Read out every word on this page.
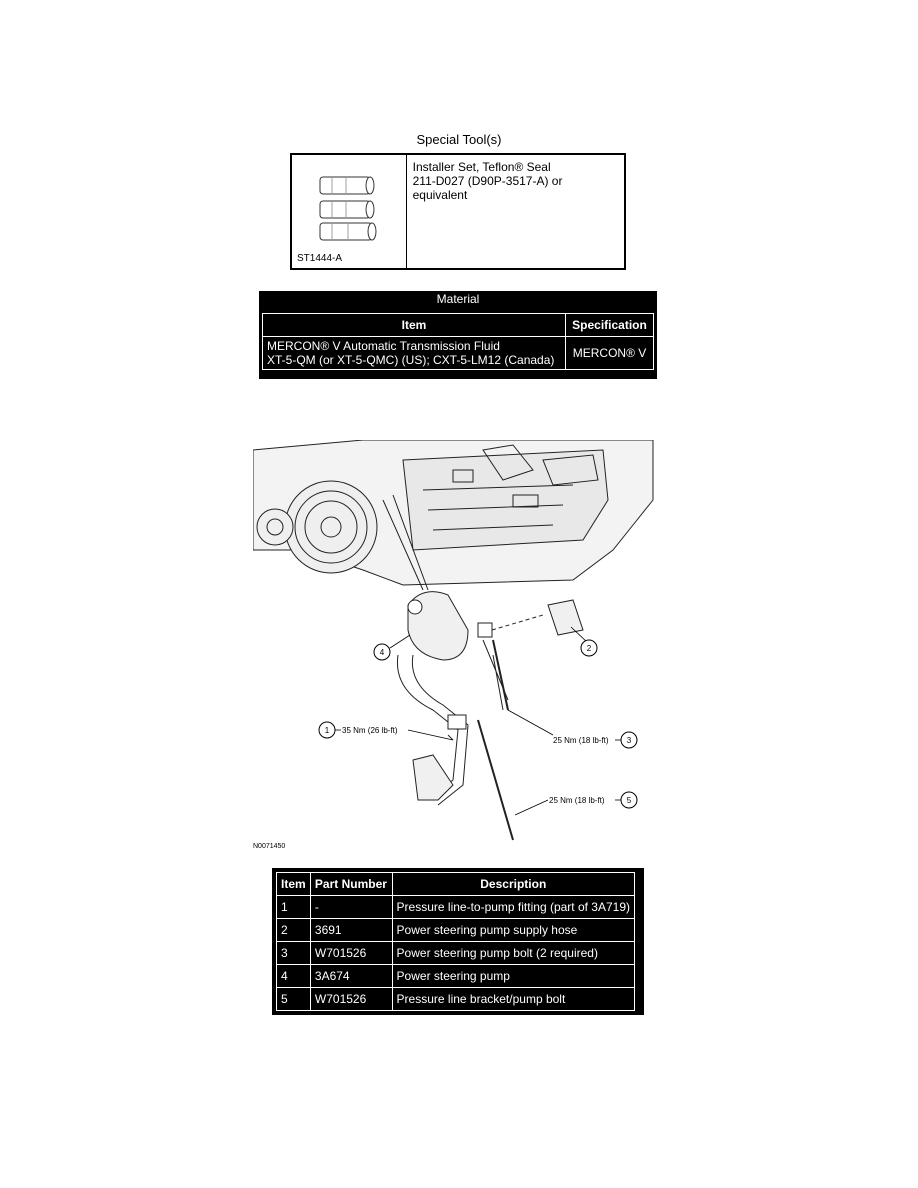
Special Tool(s)
ST1444-A
Installer Set, Teflon® Seal
211-D027 (D90P-3517-A) or equivalent
Material
Item	Specification

MERCON® V Automatic Transmission Fluid
XT-5-QM (or XT-5-QMC) (US); CXT-5-LM12 (Canada)	MERCON® V
4	2
1
3
5
35 Nm (26 lb-ft)
25 Nm (18 lb-ft)
25 Nm (18 lb-ft)
N0071450
Item	Part Number	Description
1	-	Pressure line-to-pump fitting (part of 3A719)
2	3691	Power steering pump supply hose
3	W701526	Power steering pump bolt (2 required)
4	3A674	Power steering pump
5	W701526	Pressure line bracket/pump bolt
